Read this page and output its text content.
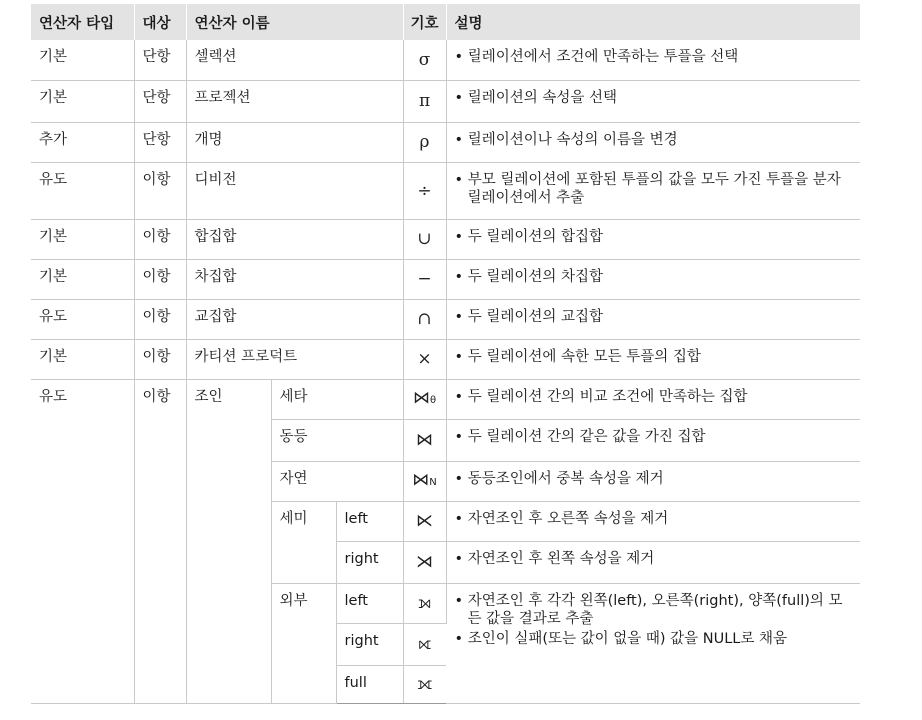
연산자 타입	대상	연산자 이름			기호	설명
기본	단항	셀렉션			σ	• 릴레이션에서 조건에 만족하는 투플을 선택

기본	단항	프로젝션			π	• 릴레이션의 속성을 선택

추가	단항	개명			ρ	• 릴레이션이나 속성의 이름을 변경

유도	이항	디비전			÷	• 부모 릴레이션에 포함된 투플의 값을 모두 가진 투플을 분자 릴레이션에서 추출

기본	이항	합집합			∪	• 두 릴레이션의 합집합

기본	이항	차집합			−	• 두 릴레이션의 차집합

유도	이항	교집합			∩	• 두 릴레이션의 교집합

기본	이항	카티션 프로덕트			×	• 두 릴레이션에 속한 모든 투플의 집합

유도	이항	조인	세타		⋈θ	• 두 릴레이션 간의 비교 조건에 만족하는 집합

			동등		⋈	• 두 릴레이션 간의 같은 값을 가진 집합

			자연		⋈N	• 동등조인에서 중복 속성을 제거

			세미	left	⋉	• 자연조인 후 오른쪽 속성을 제거

				right	⋊	• 자연조인 후 왼쪽 속성을 제거

			외부	left	⟕	• 자연조인 후 각각 왼쪽(left), 오른쪽(right), 양쪽(full)의 모든 값을 결과로 추출
• 조인이 실패(또는 값이 없을 때) 값을 NULL로 채움

				right	⟖	
				full	⟗	
